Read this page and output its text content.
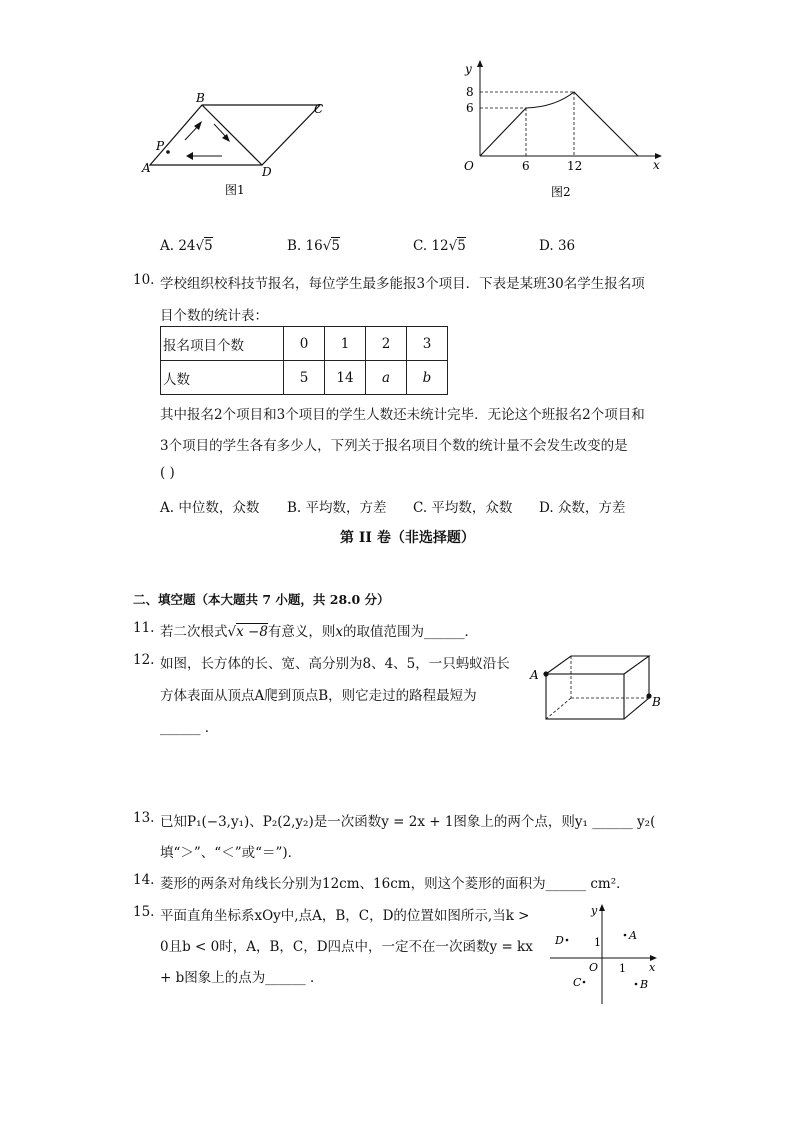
A
B
C
D
P
图1
y
x
O
6
8
6	12
图2
A. 24√5	B. 16√5	C. 12√5	D. 36
10. 学校组织校科技节报名，每位学生最多能报3个项目．下表是某班30名学生报名项
目个数的统计表：
报名项目个数	0	1	2	3
人数	5	14	a	b
其中报名2个项目和3个项目的学生人数还未统计完毕．无论这个班报名2个项目和
3个项目的学生各有多少人，下列关于报名项目个数的统计量不会发生改变的是
( )
A. 中位数，众数 B. 平均数，方差 C. 平均数，众数 D. 众数，方差
第 II 卷（非选择题）
二、填空题（本大题共 7 小题，共 28.0 分）
11. 若二次根式√x −8有意义，则x的取值范围为______．
12. 如图，长方体的长、宽、高分别为8、4、5，一只蚂蚁沿长
方体表面从顶点A爬到顶点B，则它走过的路程最短为
______ ．
A
B
13. 已知P₁(−3,y₁)、P₂(2,y₂)是一次函数y = 2x + 1图象上的两个点，则y₁ ______ y₂(
填“＞”、“＜”或“＝”)．
14. 菱形的两条对角线长分别为12cm、16cm，则这个菱形的面积为______ cm²．
15. 平面直角坐标系xOy中,点A，B，C，D的位置如图所示,当k >
0且b < 0时，A，B，C，D四点中，一定不在一次函数y = kx
+ b图象上的点为______ ．
y
x
O 1
1
A
B
C
D
